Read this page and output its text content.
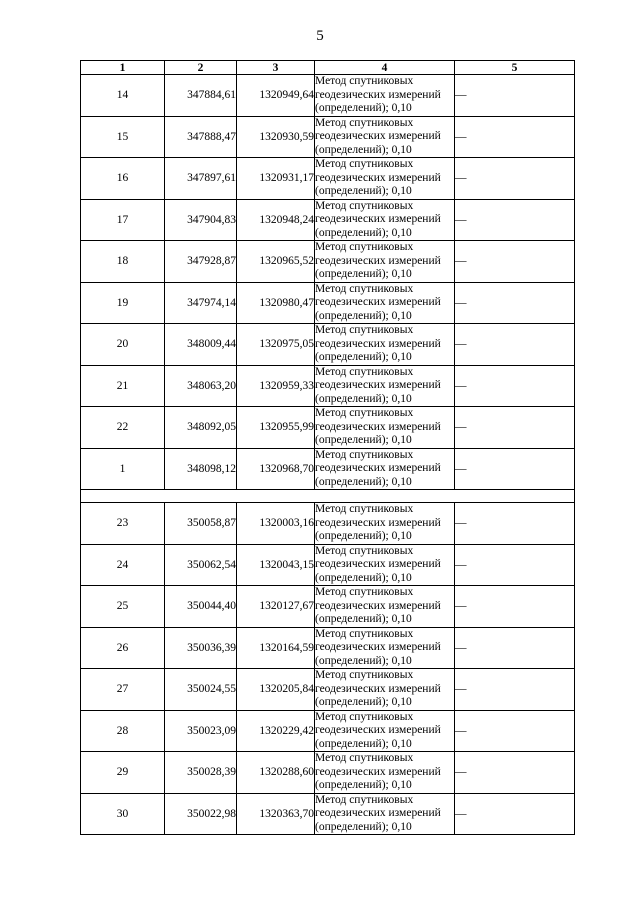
5
1	2	3	4	5
14	347884,61	1320949,64	Метод спутниковых
геодезических измерений
(определений); 0,10	—
15	347888,47	1320930,59	Метод спутниковых
геодезических измерений
(определений); 0,10	—
16	347897,61	1320931,17	Метод спутниковых
геодезических измерений
(определений); 0,10	—
17	347904,83	1320948,24	Метод спутниковых
геодезических измерений
(определений); 0,10	—
18	347928,87	1320965,52	Метод спутниковых
геодезических измерений
(определений); 0,10	—
19	347974,14	1320980,47	Метод спутниковых
геодезических измерений
(определений); 0,10	—
20	348009,44	1320975,05	Метод спутниковых
геодезических измерений
(определений); 0,10	—
21	348063,20	1320959,33	Метод спутниковых
геодезических измерений
(определений); 0,10	—
22	348092,05	1320955,99	Метод спутниковых
геодезических измерений
(определений); 0,10	—
1	348098,12	1320968,70	Метод спутниковых
геодезических измерений
(определений); 0,10	—

23	350058,87	1320003,16	Метод спутниковых
геодезических измерений
(определений); 0,10	—
24	350062,54	1320043,15	Метод спутниковых
геодезических измерений
(определений); 0,10	—
25	350044,40	1320127,67	Метод спутниковых
геодезических измерений
(определений); 0,10	—
26	350036,39	1320164,59	Метод спутниковых
геодезических измерений
(определений); 0,10	—
27	350024,55	1320205,84	Метод спутниковых
геодезических измерений
(определений); 0,10	—
28	350023,09	1320229,42	Метод спутниковых
геодезических измерений
(определений); 0,10	—
29	350028,39	1320288,60	Метод спутниковых
геодезических измерений
(определений); 0,10	—
30	350022,98	1320363,70	Метод спутниковых
геодезических измерений
(определений); 0,10	—
